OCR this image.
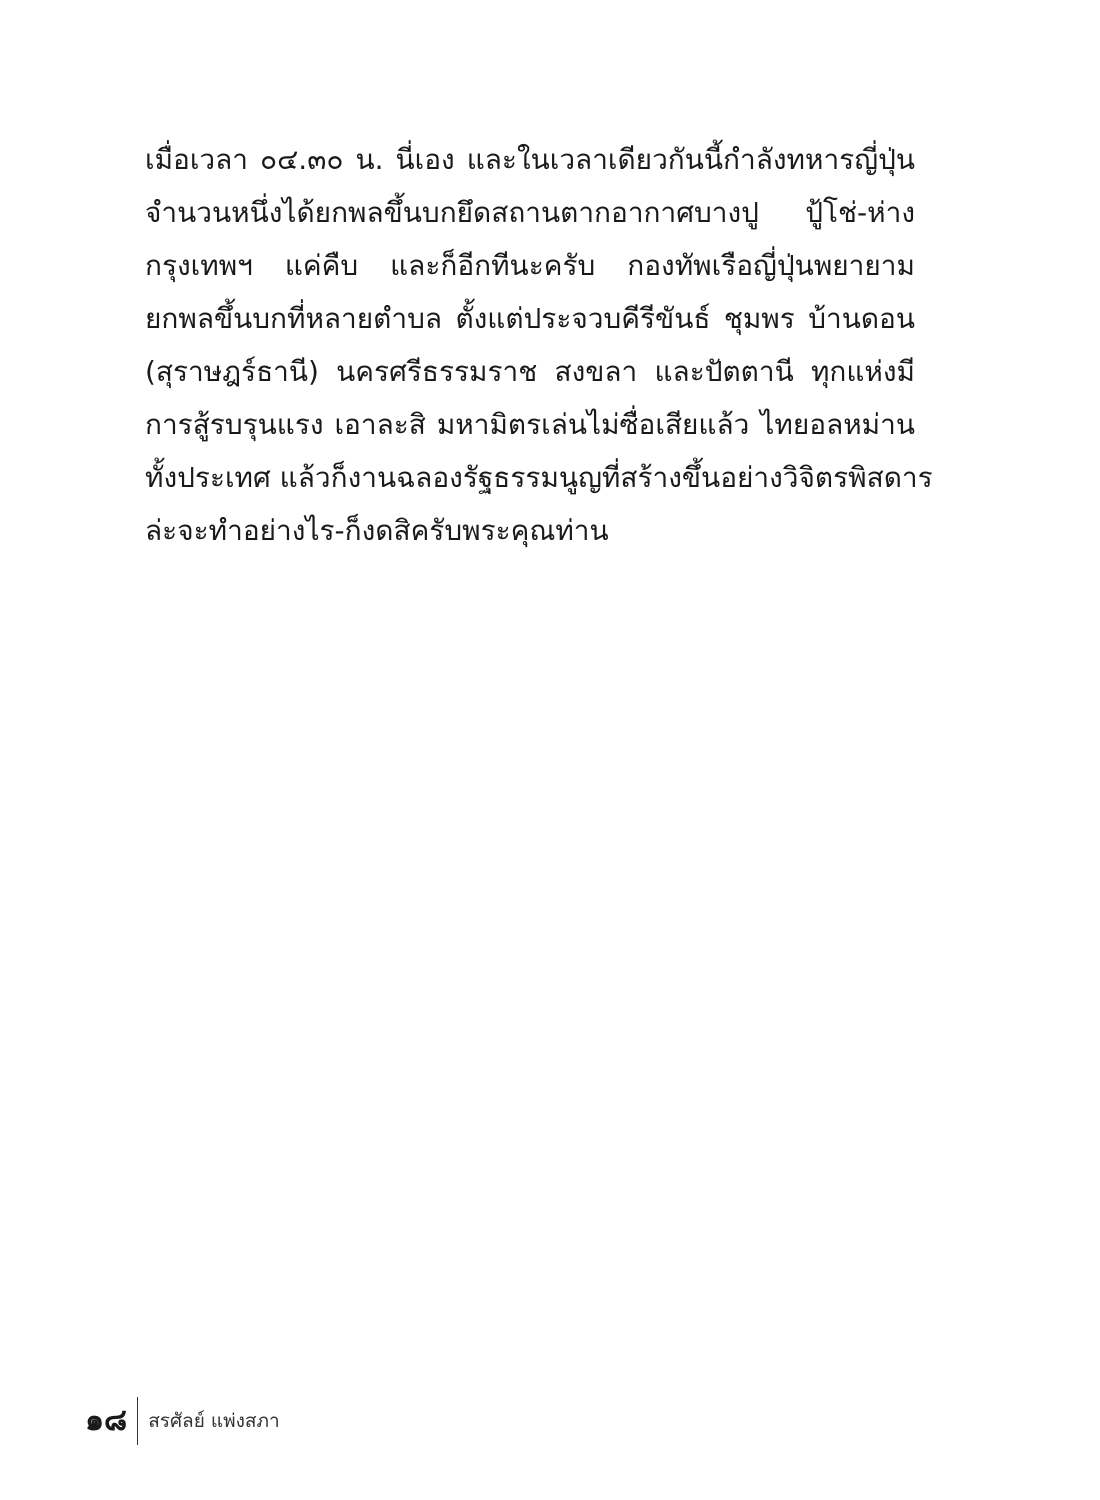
เมื่อเวลา ๐๔.๓๐ น. นี่เอง และในเวลาเดียวกันนี้กำลังทหารญี่ปุ่น
จำนวนหนึ่งได้ยกพลขึ้นบกยึดสถานตากอากาศบางปู ปู้โช่-ห่าง
กรุงเทพฯ แค่คืบ และก็อีกทีนะครับ กองทัพเรือญี่ปุ่นพยายาม
ยกพลขึ้นบกที่หลายตำบล ตั้งแต่ประจวบคีรีขันธ์ ชุมพร บ้านดอน
(สุราษฎร์ธานี) นครศรีธรรมราช สงขลา และปัตตานี ทุกแห่งมี
การสู้รบรุนแรง เอาละสิ มหามิตรเล่นไม่ซื่อเสียแล้ว ไทยอลหม่าน
ทั้งประเทศ แล้วก็งานฉลองรัฐธรรมนูญที่สร้างขึ้นอย่างวิจิตรพิสดาร
ล่ะจะทำอย่างไร-ก็งดสิครับพระคุณท่าน
๑๘	สรศัลย์ แพ่งสภา
